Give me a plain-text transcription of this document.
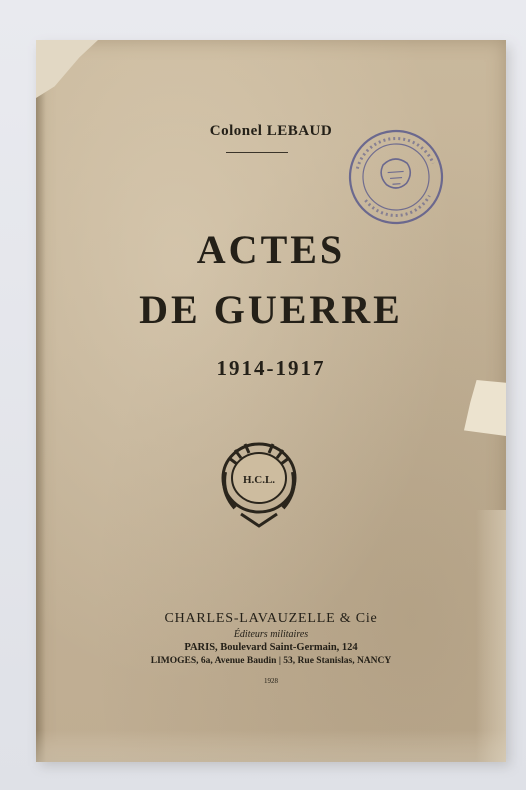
Colonel LEBAUD
ACTES
DE GUERRE
1914-1917
H.C.L.
CHARLES-LAVAUZELLE & Cie
Éditeurs militaires
PARIS, Boulevard Saint-Germain, 124
LIMOGES, 6a, Avenue Baudin | 53, Rue Stanislas, NANCY
1928
